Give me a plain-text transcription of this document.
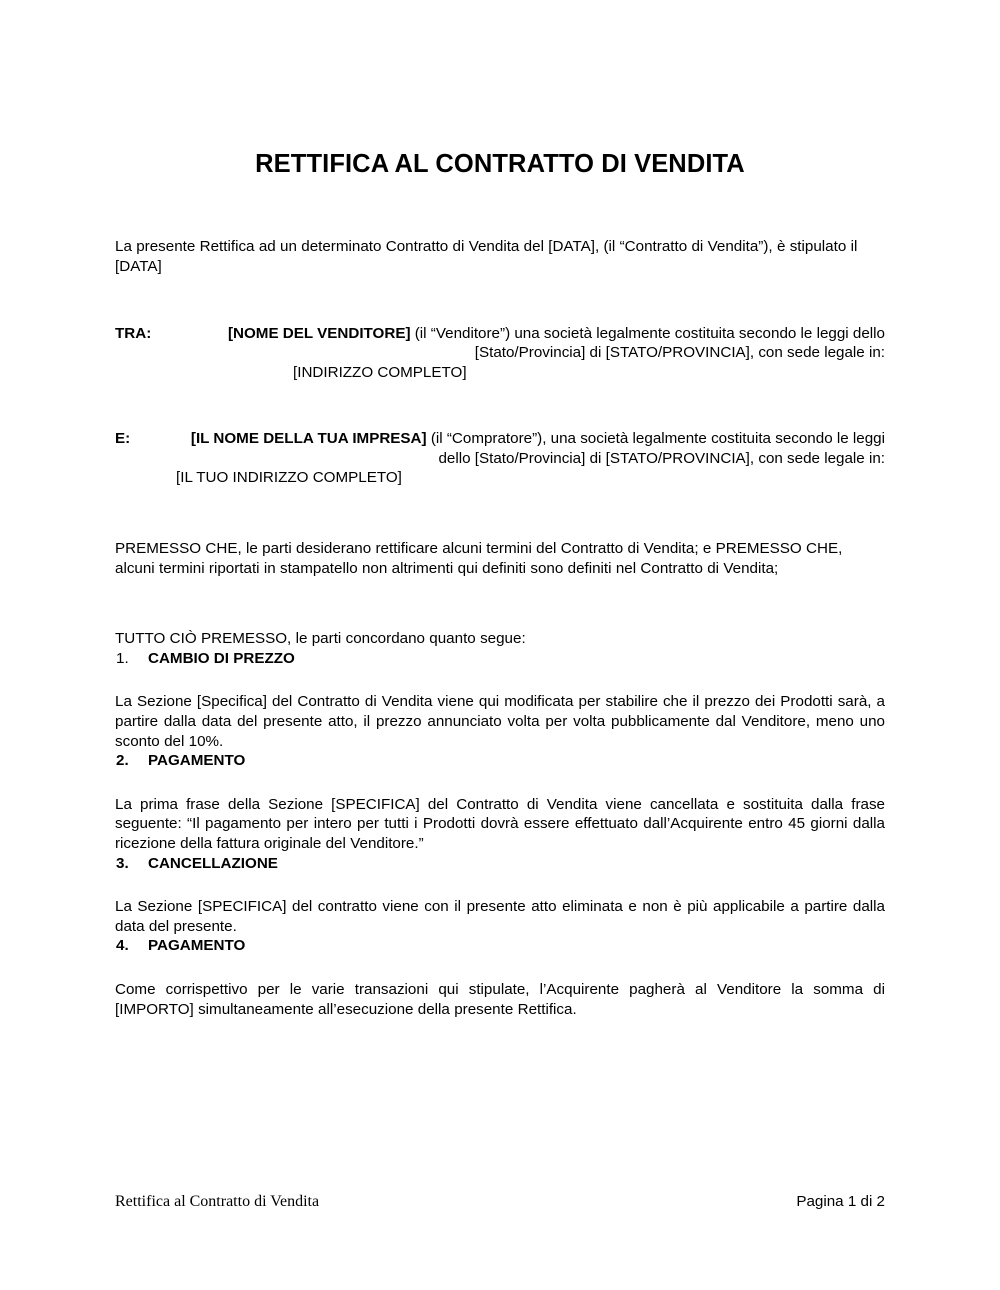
RETTIFICA AL CONTRATTO DI VENDITA

La presente Rettifica ad un determinato Contratto di Vendita del [DATA], (il “Contratto di Vendita”), è stipulato il [DATA]

TRA:	[NOME DEL VENDITORE] (il “Venditore”) una società legalmente costituita secondo le leggi dello [Stato/Provincia] di [STATO/PROVINCIA], con sede legale in:

[INDIRIZZO COMPLETO]

E:	[IL NOME DELLA TUA IMPRESA] (il “Compratore”), una società legalmente costituita secondo le leggi dello [Stato/Provincia] di [STATO/PROVINCIA], con sede legale in:

[IL TUO INDIRIZZO COMPLETO]

PREMESSO CHE, le parti desiderano rettificare alcuni termini del Contratto di Vendita; e PREMESSO CHE, alcuni termini riportati in stampatello non altrimenti qui definiti sono definiti nel Contratto di Vendita;

TUTTO CIÒ PREMESSO, le parti concordano quanto segue:

1. CAMBIO DI PREZZO

La Sezione [Specifica] del Contratto di Vendita viene qui modificata per stabilire che il prezzo dei Prodotti sarà, a partire dalla data del presente atto, il prezzo annunciato volta per volta pubblicamente dal Venditore, meno uno sconto del 10%.

2. PAGAMENTO

La prima frase della Sezione [SPECIFICA] del Contratto di Vendita viene cancellata e sostituita dalla frase seguente: “Il pagamento per intero per tutti i Prodotti dovrà essere effettuato dall’Acquirente entro 45 giorni dalla ricezione della fattura originale del Venditore.”

3. CANCELLAZIONE

La Sezione [SPECIFICA] del contratto viene con il presente atto eliminata e non è più applicabile a partire dalla data del presente.

4. PAGAMENTO

Come corrispettivo per le varie transazioni qui stipulate, l’Acquirente pagherà al Venditore la somma di [IMPORTO] simultaneamente all’esecuzione della presente Rettifica.

Rettifica al Contratto di Vendita	Pagina 1 di 2
